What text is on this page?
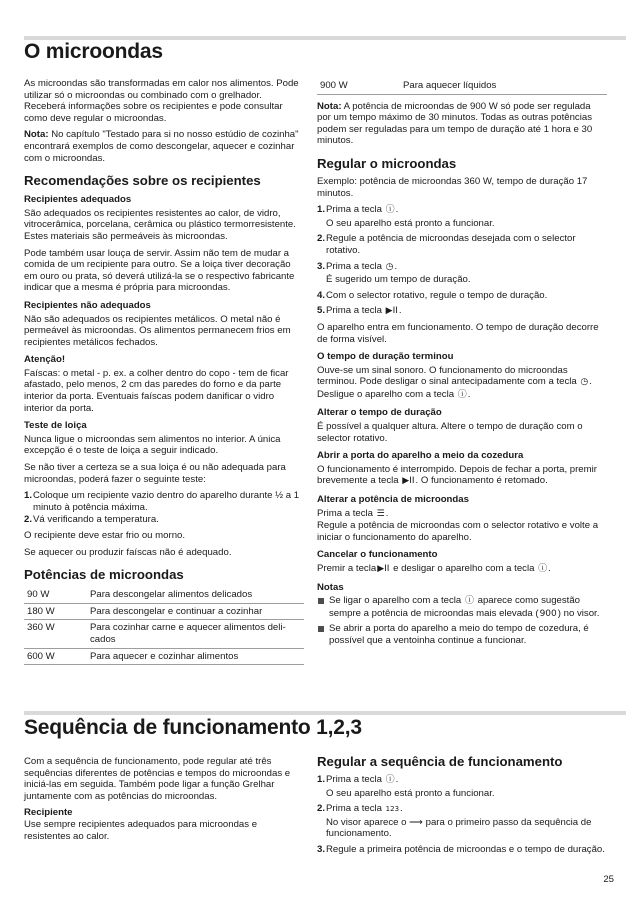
O microondas

As microondas são transformadas em calor nos alimentos. Pode utilizar só o microondas ou combinado com o grelhador. Receberá informações sobre os recipientes e pode consultar como deve regular o microondas.

Nota: No capítulo "Testado para si no nosso estúdio de cozinha" encontrará exemplos de como descongelar, aquecer e cozinhar com o microondas.

Recomendações sobre os recipientes
Recipientes adequados

São adequados os recipientes resistentes ao calor, de vidro, vitrocerâmica, porcelana, cerâmica ou plástico termorresistente. Estes materiais são permeáveis às microondas.

Pode também usar louça de servir. Assim não tem de mudar a comida de um recipiente para outro. Se a loiça tiver decoração em ouro ou prata, só deverá utilizá-la se o respectivo fabricante indicar que a mesma é própria para microondas.

Recipientes não adequados

Não são adequados os recipientes metálicos. O metal não é permeável às microondas. Os alimentos permanecem frios em recipientes metálicos fechados.

Atenção!

Faíscas: o metal - p. ex. a colher dentro do copo - tem de ficar afastado, pelo menos, 2 cm das paredes do forno e da parte interior da porta. Eventuais faíscas podem danificar o vidro interior da porta.

Teste de loiça

Nunca ligue o microondas sem alimentos no interior. A única excepção é o teste de loiça a seguir indicado.

Se não tiver a certeza se a sua loiça é ou não adequada para microondas, poderá fazer o seguinte teste:

1. Coloque um recipiente vazio dentro do aparelho durante ½ a 1 minuto à potência máxima.
2. Vá verificando a temperatura.

O recipiente deve estar frio ou morno.

Se aquecer ou produzir faíscas não é adequado.

Potências de microondas
90 W	Para descongelar alimentos delicados
180 W	Para descongelar e continuar a cozinhar
360 W	Para cozinhar carne e aquecer alimentos deli- cados
600 W	Para aquecer e cozinhar alimentos
900 W	Para aquecer líquidos

Nota: A potência de microondas de 900 W só pode ser regulada por um tempo máximo de 30 minutos. Todas as outras potências podem ser reguladas para um tempo de duração até 1 hora e 30 minutos.

Regular o microondas

Exemplo: potência de microondas 360 W, tempo de duração 17 minutos.

1. Prima a tecla ⓘ.
O seu aparelho está pronto a funcionar.
2. Regule a potência de microondas desejada com o selector rotativo.
3. Prima a tecla ◷.
É sugerido um tempo de duração.
4. Com o selector rotativo, regule o tempo de duração.
5. Prima a tecla ▶II.

O aparelho entra em funcionamento. O tempo de duração decorre de forma visível.

O tempo de duração terminou

Ouve-se um sinal sonoro. O funcionamento do microondas terminou. Pode desligar o sinal antecipadamente com a tecla ◷. Desligue o aparelho com a tecla ⓘ.

Alterar o tempo de duração

É possível a qualquer altura. Altere o tempo de duração com o selector rotativo.

Abrir a porta do aparelho a meio da cozedura

O funcionamento é interrompido. Depois de fechar a porta, premir brevemente a tecla ▶II. O funcionamento é retomado.

Alterar a potência de microondas
Prima a tecla ☰.

Regule a potência de microondas com o selector rotativo e volte a iniciar o funcionamento do aparelho.

Cancelar o funcionamento

Premir a tecla▶II e desligar o aparelho com a tecla ⓘ.

Notas
Se ligar o aparelho com a tecla ⓘ aparece como sugestão sempre a potência de microondas mais elevada (900) no visor.
Se abrir a porta do aparelho a meio do tempo de cozedura, é possível que a ventoinha continue a funcionar.
Sequência de funcionamento 1,2,3

Com a sequência de funcionamento, pode regular até três sequências diferentes de potências e tempos do microondas e iniciá-las em seguida. Também pode ligar a função Grelhar juntamente com as potências do microondas.

Recipiente

Use sempre recipientes adequados para microondas e resistentes ao calor.

Regular a sequência de funcionamento
1. Prima a tecla ⓘ.
O seu aparelho está pronto a funcionar.
2. Prima a tecla 123.
No visor aparece o ⟶ para o primeiro passo da sequência de funcionamento.
3. Regule a primeira potência de microondas e o tempo de duração.
25
